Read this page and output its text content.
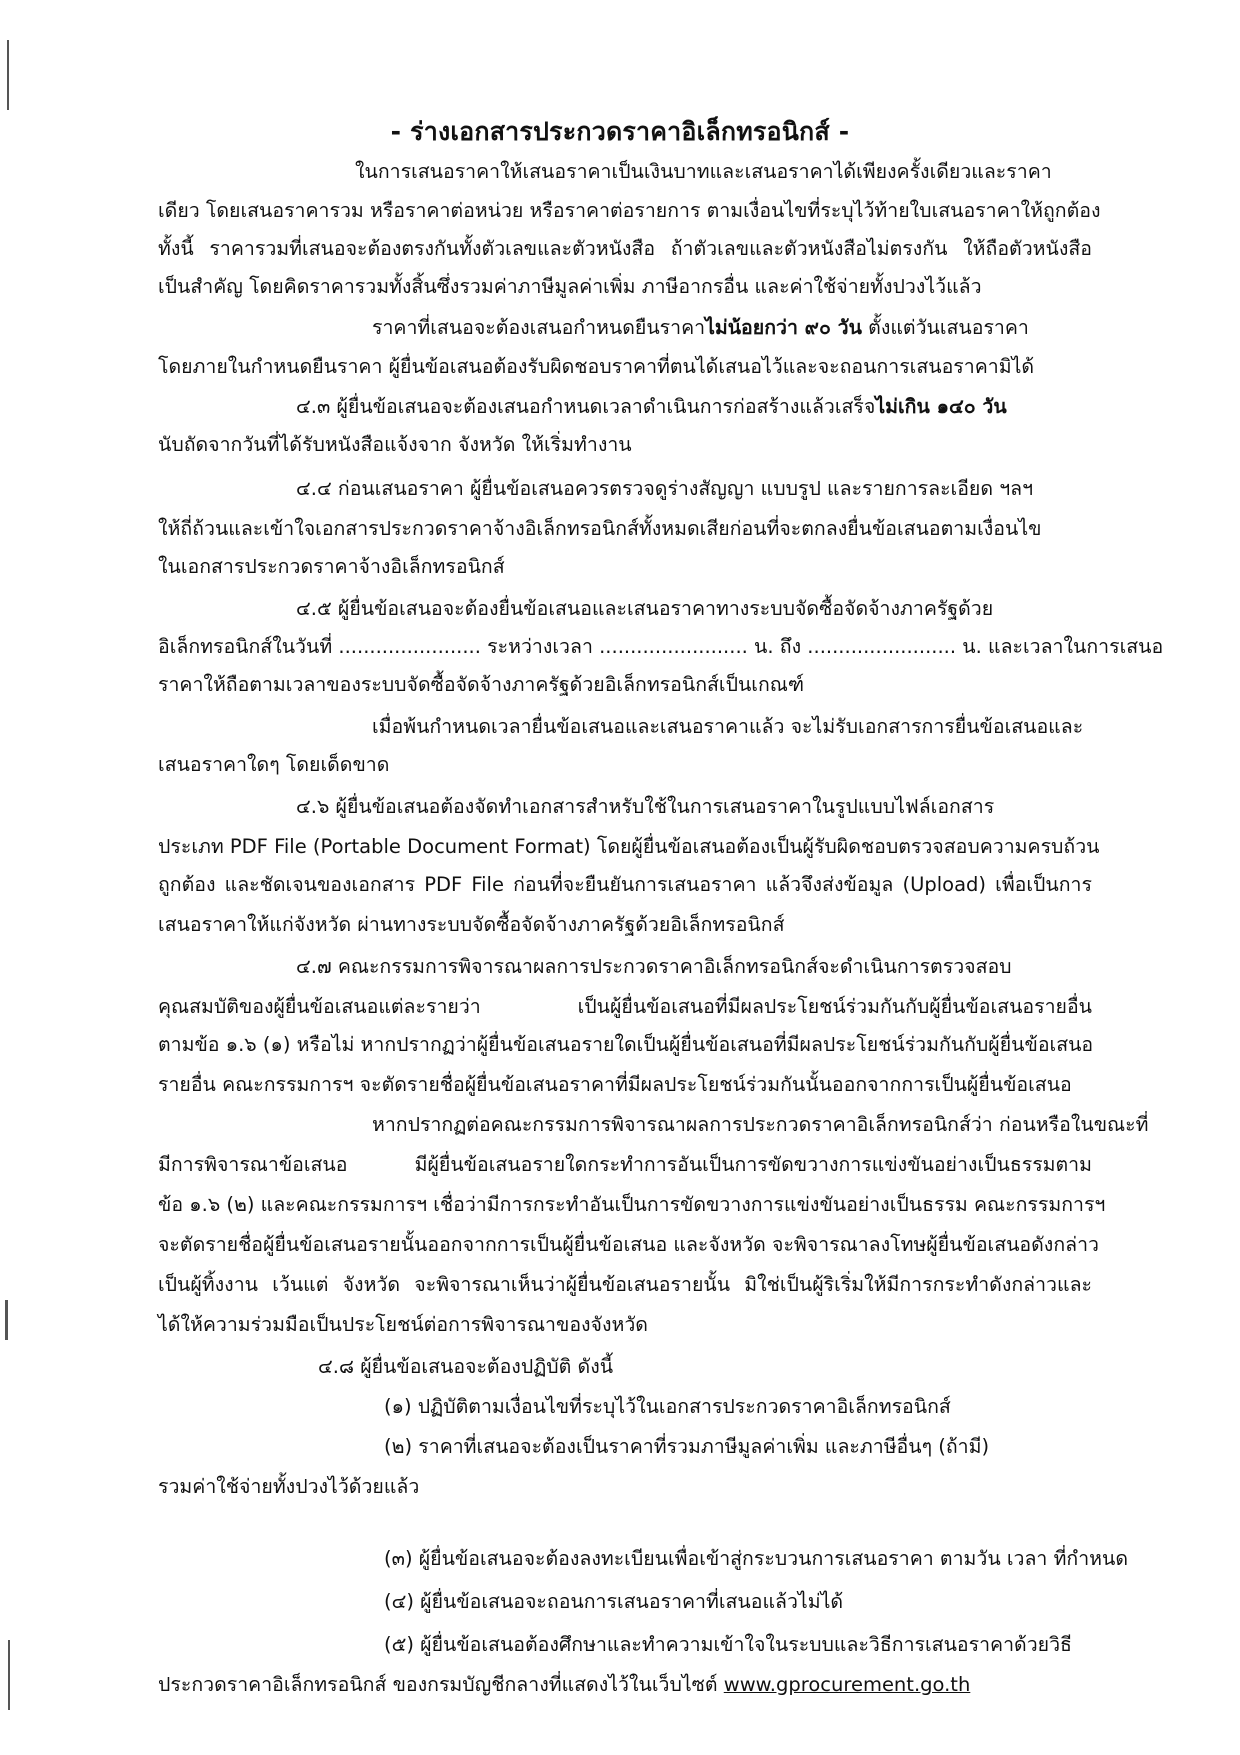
- ร่างเอกสารประกวดราคาอิเล็กทรอนิกส์ -
ในการเสนอราคาให้เสนอราคาเป็นเงินบาทและเสนอราคาได้เพียงครั้งเดียวและราคา
เดียว โดยเสนอราคารวม หรือราคาต่อหน่วย หรือราคาต่อรายการ ตามเงื่อนไขที่ระบุไว้ท้ายใบเสนอราคาให้ถูกต้อง
ทั้งนี้ ราคารวมที่เสนอจะต้องตรงกันทั้งตัวเลขและตัวหนังสือ ถ้าตัวเลขและตัวหนังสือไม่ตรงกัน ให้ถือตัวหนังสือ
เป็นสำคัญ โดยคิดราคารวมทั้งสิ้นซึ่งรวมค่าภาษีมูลค่าเพิ่ม ภาษีอากรอื่น และค่าใช้จ่ายทั้งปวงไว้แล้ว
ราคาที่เสนอจะต้องเสนอกำหนดยืนราคาไม่น้อยกว่า ๙๐ วัน ตั้งแต่วันเสนอราคา
โดยภายในกำหนดยืนราคา ผู้ยื่นข้อเสนอต้องรับผิดชอบราคาที่ตนได้เสนอไว้และจะถอนการเสนอราคามิได้
๔.๓ ผู้ยื่นข้อเสนอจะต้องเสนอกำหนดเวลาดำเนินการก่อสร้างแล้วเสร็จไม่เกิน ๑๔๐ วัน
นับถัดจากวันที่ได้รับหนังสือแจ้งจาก จังหวัด ให้เริ่มทำงาน
๔.๔ ก่อนเสนอราคา ผู้ยื่นข้อเสนอควรตรวจดูร่างสัญญา แบบรูป และรายการละเอียด ฯลฯ
ให้ถี่ถ้วนและเข้าใจเอกสารประกวดราคาจ้างอิเล็กทรอนิกส์ทั้งหมดเสียก่อนที่จะตกลงยื่นข้อเสนอตามเงื่อนไข
ในเอกสารประกวดราคาจ้างอิเล็กทรอนิกส์
๔.๕ ผู้ยื่นข้อเสนอจะต้องยื่นข้อเสนอและเสนอราคาทางระบบจัดซื้อจัดจ้างภาครัฐด้วย
อิเล็กทรอนิกส์ในวันที่ ....................... ระหว่างเวลา ........................ น. ถึง ........................ น. และเวลาในการเสนอ
ราคาให้ถือตามเวลาของระบบจัดซื้อจัดจ้างภาครัฐด้วยอิเล็กทรอนิกส์เป็นเกณฑ์
เมื่อพ้นกำหนดเวลายื่นข้อเสนอและเสนอราคาแล้ว จะไม่รับเอกสารการยื่นข้อเสนอและ
เสนอราคาใดๆ โดยเด็ดขาด
๔.๖ ผู้ยื่นข้อเสนอต้องจัดทำเอกสารสำหรับใช้ในการเสนอราคาในรูปแบบไฟล์เอกสาร
ประเภท PDF File (Portable Document Format) โดยผู้ยื่นข้อเสนอต้องเป็นผู้รับผิดชอบตรวจสอบความครบถ้วน
ถูกต้อง และชัดเจนของเอกสาร PDF File ก่อนที่จะยืนยันการเสนอราคา แล้วจึงส่งข้อมูล (Upload) เพื่อเป็นการ
เสนอราคาให้แก่จังหวัด ผ่านทางระบบจัดซื้อจัดจ้างภาครัฐด้วยอิเล็กทรอนิกส์
๔.๗ คณะกรรมการพิจารณาผลการประกวดราคาอิเล็กทรอนิกส์จะดำเนินการตรวจสอบ
คุณสมบัติของผู้ยื่นข้อเสนอแต่ละรายว่า เป็นผู้ยื่นข้อเสนอที่มีผลประโยชน์ร่วมกันกับผู้ยื่นข้อเสนอรายอื่น
ตามข้อ ๑.๖ (๑) หรือไม่ หากปรากฏว่าผู้ยื่นข้อเสนอรายใดเป็นผู้ยื่นข้อเสนอที่มีผลประโยชน์ร่วมกันกับผู้ยื่นข้อเสนอ
รายอื่น คณะกรรมการฯ จะตัดรายชื่อผู้ยื่นข้อเสนอราคาที่มีผลประโยชน์ร่วมกันนั้นออกจากการเป็นผู้ยื่นข้อเสนอ
หากปรากฏต่อคณะกรรมการพิจารณาผลการประกวดราคาอิเล็กทรอนิกส์ว่า ก่อนหรือในขณะที่
มีการพิจารณาข้อเสนอ มีผู้ยื่นข้อเสนอรายใดกระทำการอันเป็นการขัดขวางการแข่งขันอย่างเป็นธรรมตาม
ข้อ ๑.๖ (๒) และคณะกรรมการฯ เชื่อว่ามีการกระทำอันเป็นการขัดขวางการแข่งขันอย่างเป็นธรรม คณะกรรมการฯ
จะตัดรายชื่อผู้ยื่นข้อเสนอรายนั้นออกจากการเป็นผู้ยื่นข้อเสนอ และจังหวัด จะพิจารณาลงโทษผู้ยื่นข้อเสนอดังกล่าว
เป็นผู้ทิ้งงาน เว้นแต่ จังหวัด จะพิจารณาเห็นว่าผู้ยื่นข้อเสนอรายนั้น มิใช่เป็นผู้ริเริ่มให้มีการกระทำดังกล่าวและ
ได้ให้ความร่วมมือเป็นประโยชน์ต่อการพิจารณาของจังหวัด
๔.๘ ผู้ยื่นข้อเสนอจะต้องปฏิบัติ ดังนี้
(๑) ปฏิบัติตามเงื่อนไขที่ระบุไว้ในเอกสารประกวดราคาอิเล็กทรอนิกส์
(๒) ราคาที่เสนอจะต้องเป็นราคาที่รวมภาษีมูลค่าเพิ่ม และภาษีอื่นๆ (ถ้ามี)
รวมค่าใช้จ่ายทั้งปวงไว้ด้วยแล้ว
(๓) ผู้ยื่นข้อเสนอจะต้องลงทะเบียนเพื่อเข้าสู่กระบวนการเสนอราคา ตามวัน เวลา ที่กำหนด
(๔) ผู้ยื่นข้อเสนอจะถอนการเสนอราคาที่เสนอแล้วไม่ได้
(๕) ผู้ยื่นข้อเสนอต้องศึกษาและทำความเข้าใจในระบบและวิธีการเสนอราคาด้วยวิธี
ประกวดราคาอิเล็กทรอนิกส์ ของกรมบัญชีกลางที่แสดงไว้ในเว็บไซต์ www.gprocurement.go.th
